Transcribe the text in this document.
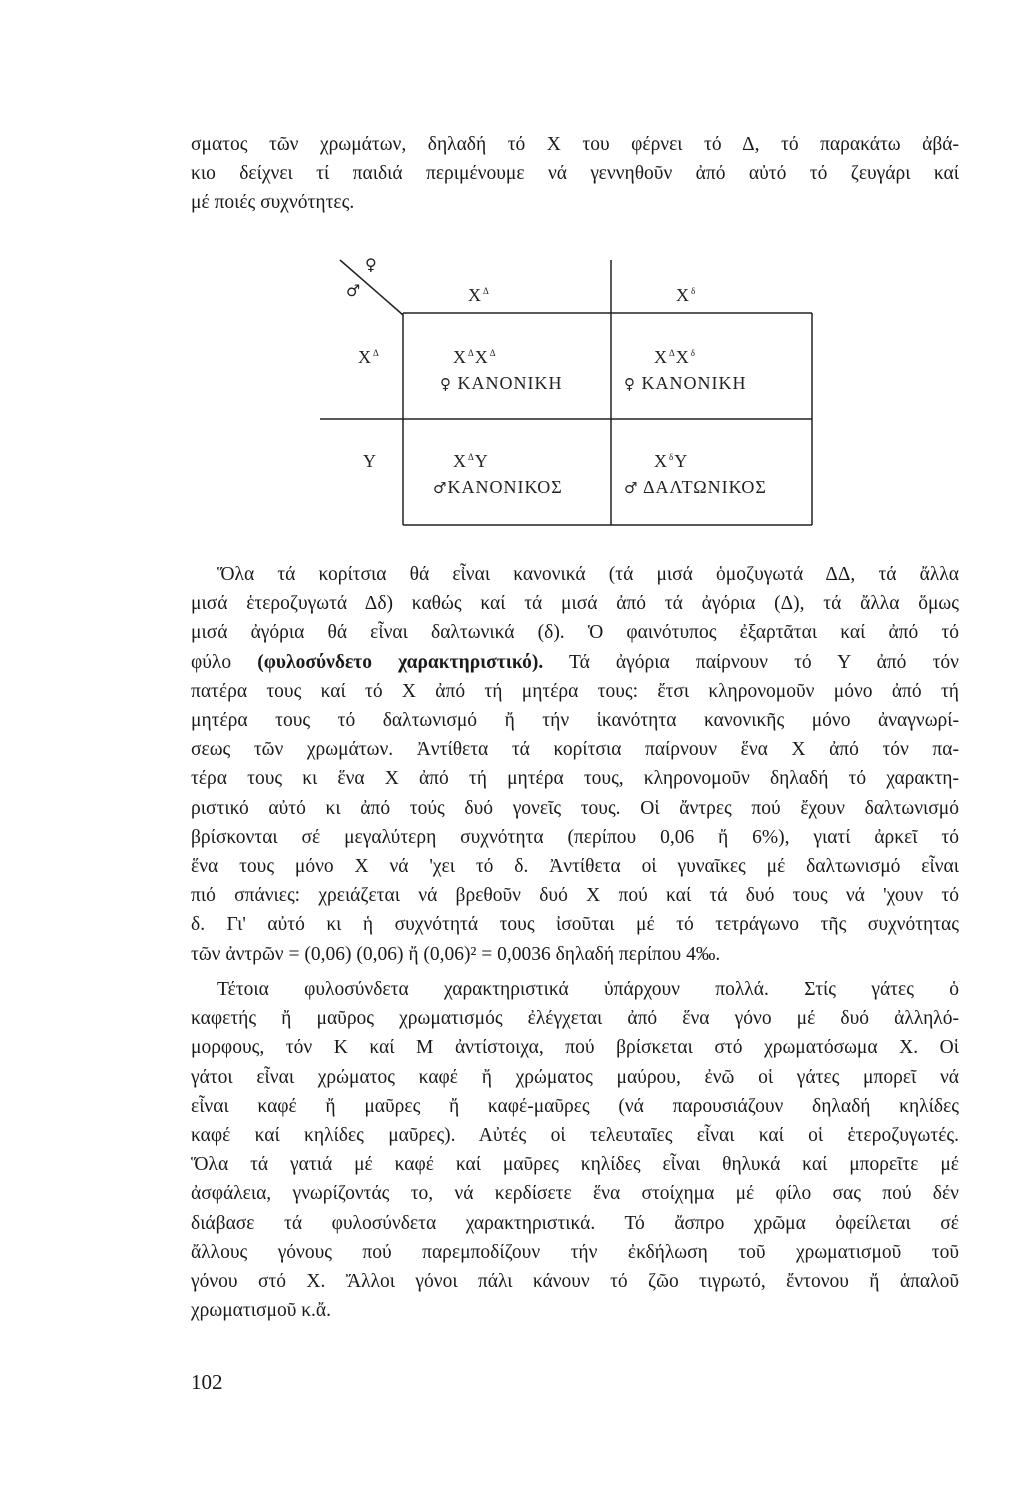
σματος τῶν χρωμάτων, δηλαδή τό Χ του φέρνει τό Δ, τό παρακάτω ἀβά-
κιο δείχνει τί παιδιά περιμένουμε νά γεννηθοῦν ἀπό αὐτό τό ζευγάρι καί
μέ ποιές συχνότητες.
♀
♂	$X^\Delta$	$X^\delta$
$X^\Delta$
Υ
$X^\Delta X^\Delta$
♀ ΚΑΝΟΝΙΚΗ
$X^\Delta X^\delta$
♀ ΚΑΝΟΝΙΚΗ
$X^\Delta\Upsilon$
♂ΚΑΝΟΝΙΚΟΣ
$X^\delta\Upsilon$
♂ ΔΑΛΤΩΝΙΚΟΣ
Ὅλα τά κορίτσια θά εἶναι κανονικά (τά μισά ὁμοζυγωτά ΔΔ, τά ἄλλα
μισά ἑτεροζυγωτά Δδ) καθώς καί τά μισά ἀπό τά ἀγόρια (Δ), τά ἄλλα ὅμως
μισά ἀγόρια θά εἶναι δαλτωνικά (δ). Ὁ φαινότυπος ἐξαρτᾶται καί ἀπό τό
φύλο (φυλοσύνδετο χαρακτηριστικό). Τά ἀγόρια παίρνουν τό Υ ἀπό τόν
πατέρα τους καί τό Χ ἀπό τή μητέρα τους: ἔτσι κληρονομοῦν μόνο ἀπό τή
μητέρα τους τό δαλτωνισμό ἤ τήν ἱκανότητα κανονικῆς μόνο ἀναγνωρί-
σεως τῶν χρωμάτων. Ἀντίθετα τά κορίτσια παίρνουν ἕνα Χ ἀπό τόν πα-
τέρα τους κι ἕνα Χ ἀπό τή μητέρα τους, κληρονομοῦν δηλαδή τό χαρακτη-
ριστικό αὐτό κι ἀπό τούς δυό γονεῖς τους. Οἱ ἄντρες πού ἔχουν δαλτωνισμό
βρίσκονται σέ μεγαλύτερη συχνότητα (περίπου 0,06 ἤ 6%), γιατί ἀρκεῖ τό
ἕνα τους μόνο Χ νά 'χει τό δ. Ἀντίθετα οἱ γυναῖκες μέ δαλτωνισμό εἶναι
πιό σπάνιες: χρειάζεται νά βρεθοῦν δυό Χ πού καί τά δυό τους νά 'χουν τό
δ. Γι' αὐτό κι ἡ συχνότητά τους ἰσοῦται μέ τό τετράγωνο τῆς συχνότητας
τῶν ἀντρῶν = (0,06) (0,06) ἤ (0,06)² = 0,0036 δηλαδή περίπου 4‰.
Τέτοια φυλοσύνδετα χαρακτηριστικά ὑπάρχουν πολλά. Στίς γάτες ὁ
καφετής ἤ μαῦρος χρωματισμός ἐλέγχεται ἀπό ἕνα γόνο μέ δυό ἀλληλό-
μορφους, τόν Κ καί Μ ἀντίστοιχα, πού βρίσκεται στό χρωματόσωμα Χ. Οἱ
γάτοι εἶναι χρώματος καφέ ἤ χρώματος μαύρου, ἐνῶ οἱ γάτες μπορεῖ νά
εἶναι καφέ ἤ μαῦρες ἤ καφέ-μαῦρες (νά παρουσιάζουν δηλαδή κηλίδες
καφέ καί κηλίδες μαῦρες). Αὐτές οἱ τελευταῖες εἶναι καί οἱ ἑτεροζυγωτές.
Ὅλα τά γατιά μέ καφέ καί μαῦρες κηλίδες εἶναι θηλυκά καί μπορεῖτε μέ
ἀσφάλεια, γνωρίζοντάς το, νά κερδίσετε ἕνα στοίχημα μέ φίλο σας πού δέν
διάβασε τά φυλοσύνδετα χαρακτηριστικά. Τό ἄσπρο χρῶμα ὀφείλεται σέ
ἄλλους γόνους πού παρεμποδίζουν τήν ἐκδήλωση τοῦ χρωματισμοῦ τοῦ
γόνου στό Χ. Ἄλλοι γόνοι πάλι κάνουν τό ζῶο τιγρωτό, ἔντονου ἤ ἁπαλοῦ
χρωματισμοῦ κ.ἄ.
102
